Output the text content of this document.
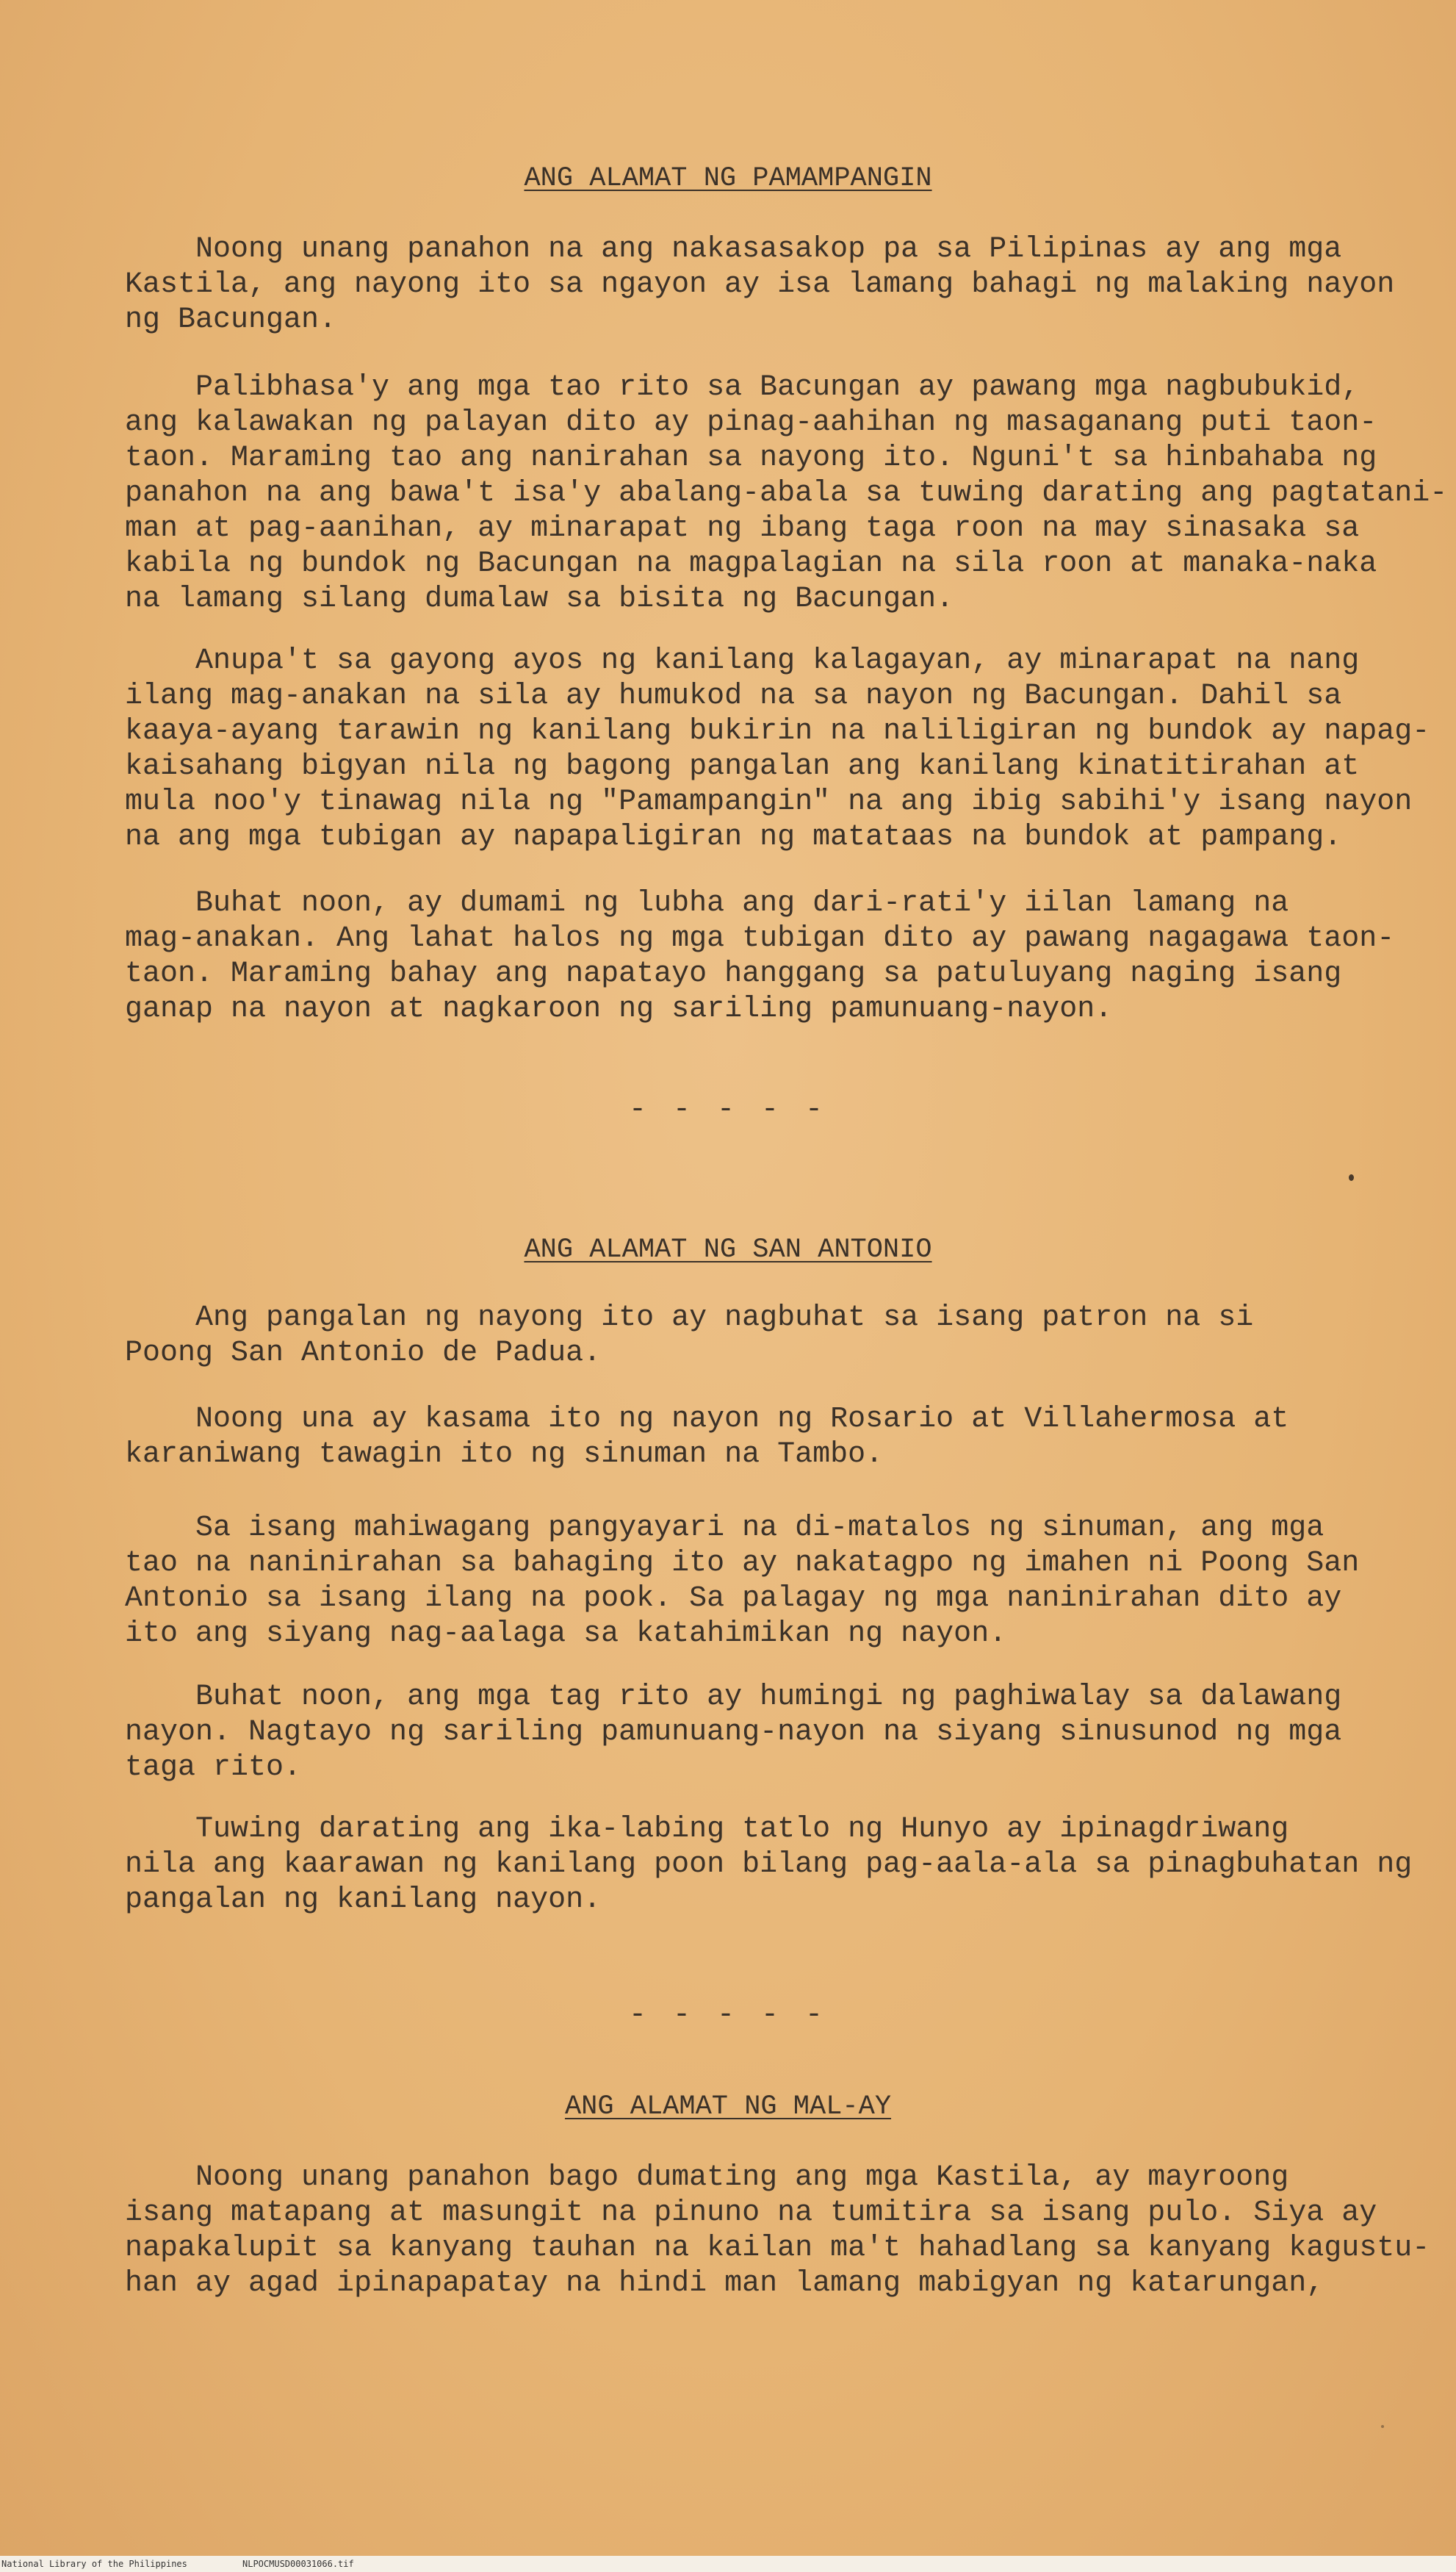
ANG ALAMAT NG PAMAMPANGIN

Noong unang panahon na ang nakasasakop pa sa Pilipinas ay ang mga
Kastila, ang nayong ito sa ngayon ay isa lamang bahagi ng malaking nayon
ng Bacungan.

Palibhasa'y ang mga tao rito sa Bacungan ay pawang mga nagbubukid,
ang kalawakan ng palayan dito ay pinag-aahihan ng masaganang puti taon-
taon. Maraming tao ang nanirahan sa nayong ito. Nguni't sa hinbahaba ng
panahon na ang bawa't isa'y abalang-abala sa tuwing darating ang pagtatani-
man at pag-aanihan, ay minarapat ng ibang taga roon na may sinasaka sa
kabila ng bundok ng Bacungan na magpalagian na sila roon at manaka-naka
na lamang silang dumalaw sa bisita ng Bacungan.

Anupa't sa gayong ayos ng kanilang kalagayan, ay minarapat na nang
ilang mag-anakan na sila ay humukod na sa nayon ng Bacungan. Dahil sa
kaaya-ayang tarawin ng kanilang bukirin na naliligiran ng bundok ay napag-
kaisahang bigyan nila ng bagong pangalan ang kanilang kinatitirahan at
mula noo'y tinawag nila ng "Pamampangin" na ang ibig sabihi'y isang nayon
na ang mga tubigan ay napapaligiran ng matataas na bundok at pampang.

Buhat noon, ay dumami ng lubha ang dari-rati'y iilan lamang na
mag-anakan. Ang lahat halos ng mga tubigan dito ay pawang nagagawa taon-
taon. Maraming bahay ang napatayo hanggang sa patuluyang naging isang
ganap na nayon at nagkaroon ng sariling pamunuang-nayon.

- - - - -
ANG ALAMAT NG SAN ANTONIO

Ang pangalan ng nayong ito ay nagbuhat sa isang patron na si
Poong San Antonio de Padua.

Noong una ay kasama ito ng nayon ng Rosario at Villahermosa at
karaniwang tawagin ito ng sinuman na Tambo.

Sa isang mahiwagang pangyayari na di-matalos ng sinuman, ang mga
tao na naninirahan sa bahaging ito ay nakatagpo ng imahen ni Poong San
Antonio sa isang ilang na pook. Sa palagay ng mga naninirahan dito ay
ito ang siyang nag-aalaga sa katahimikan ng nayon.

Buhat noon, ang mga tag rito ay humingi ng paghiwalay sa dalawang
nayon. Nagtayo ng sariling pamunuang-nayon na siyang sinusunod ng mga
taga rito.

Tuwing darating ang ika-labing tatlo ng Hunyo ay ipinagdriwang
nila ang kaarawan ng kanilang poon bilang pag-aala-ala sa pinagbuhatan ng
pangalan ng kanilang nayon.

- - - - -
ANG ALAMAT NG MAL-AY

Noong unang panahon bago dumating ang mga Kastila, ay mayroong
isang matapang at masungit na pinuno na tumitira sa isang pulo. Siya ay
napakalupit sa kanyang tauhan na kailan ma't hahadlang sa kanyang kagustu-
han ay agad ipinapapatay na hindi man lamang mabigyan ng katarungan,

National Library of the Philippines	NLPOCMUSD00031066.tif
